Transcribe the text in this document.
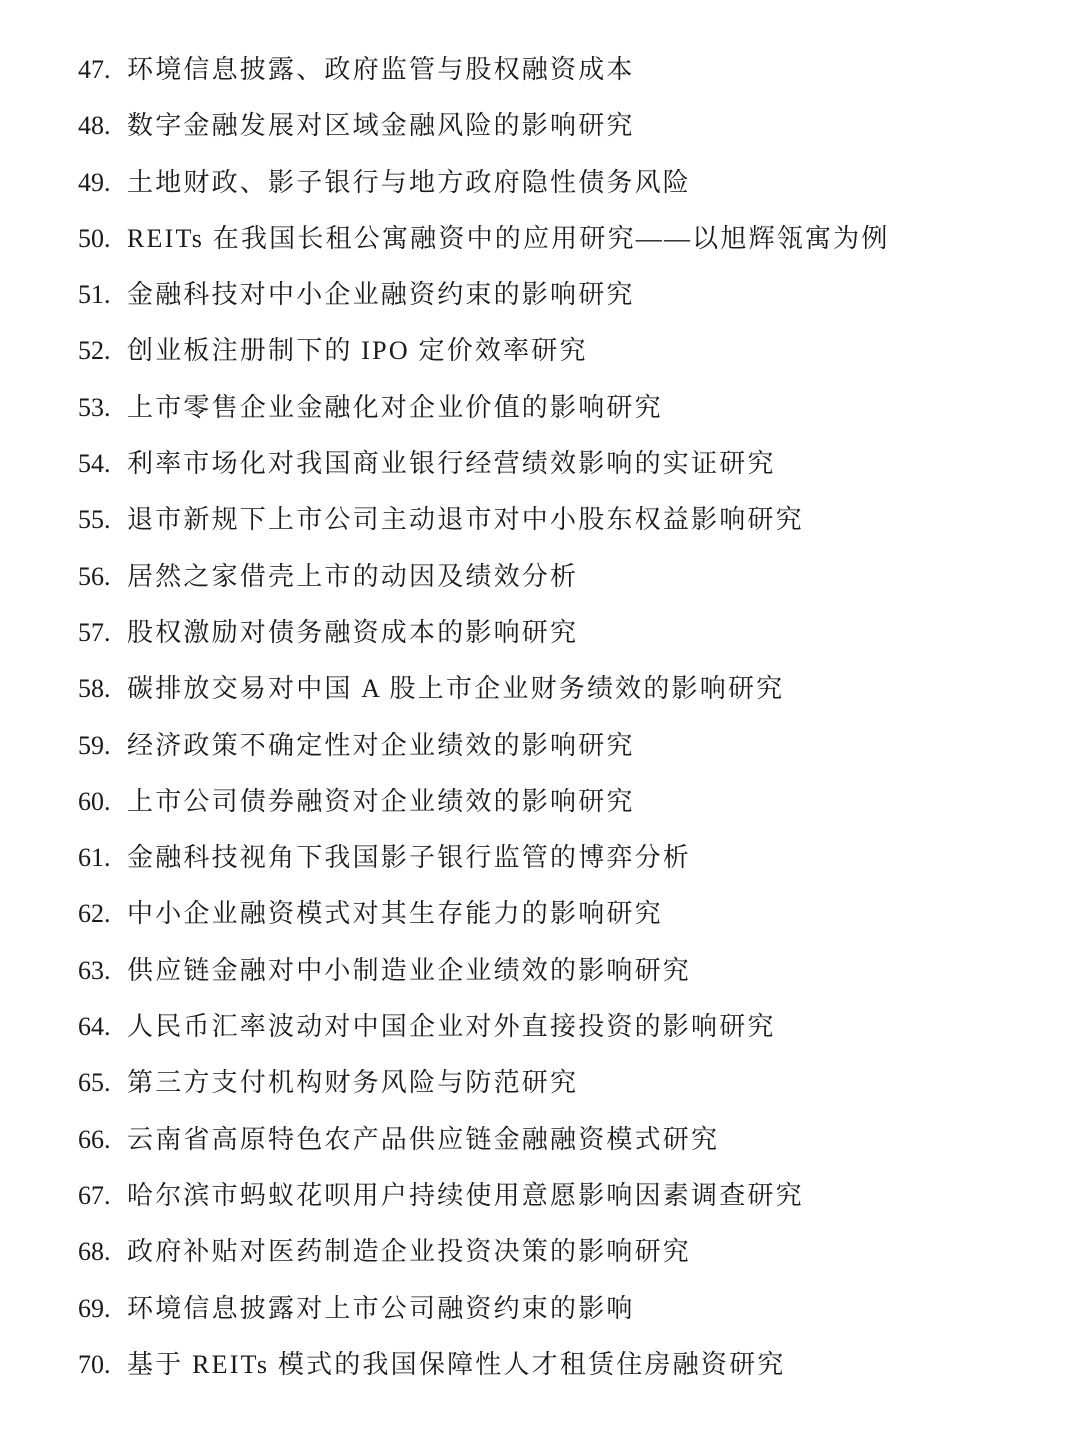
47. 环境信息披露、政府监管与股权融资成本
48. 数字金融发展对区域金融风险的影响研究
49. 土地财政、影子银行与地方政府隐性债务风险
50. REITs 在我国长租公寓融资中的应用研究——以旭辉瓴寓为例
51. 金融科技对中小企业融资约束的影响研究
52. 创业板注册制下的 IPO 定价效率研究
53. 上市零售企业金融化对企业价值的影响研究
54. 利率市场化对我国商业银行经营绩效影响的实证研究
55. 退市新规下上市公司主动退市对中小股东权益影响研究
56. 居然之家借壳上市的动因及绩效分析
57. 股权激励对债务融资成本的影响研究
58. 碳排放交易对中国 A 股上市企业财务绩效的影响研究
59. 经济政策不确定性对企业绩效的影响研究
60. 上市公司债券融资对企业绩效的影响研究
61. 金融科技视角下我国影子银行监管的博弈分析
62. 中小企业融资模式对其生存能力的影响研究
63. 供应链金融对中小制造业企业绩效的影响研究
64. 人民币汇率波动对中国企业对外直接投资的影响研究
65. 第三方支付机构财务风险与防范研究
66. 云南省高原特色农产品供应链金融融资模式研究
67. 哈尔滨市蚂蚁花呗用户持续使用意愿影响因素调查研究
68. 政府补贴对医药制造企业投资决策的影响研究
69. 环境信息披露对上市公司融资约束的影响
70. 基于 REITs 模式的我国保障性人才租赁住房融资研究
